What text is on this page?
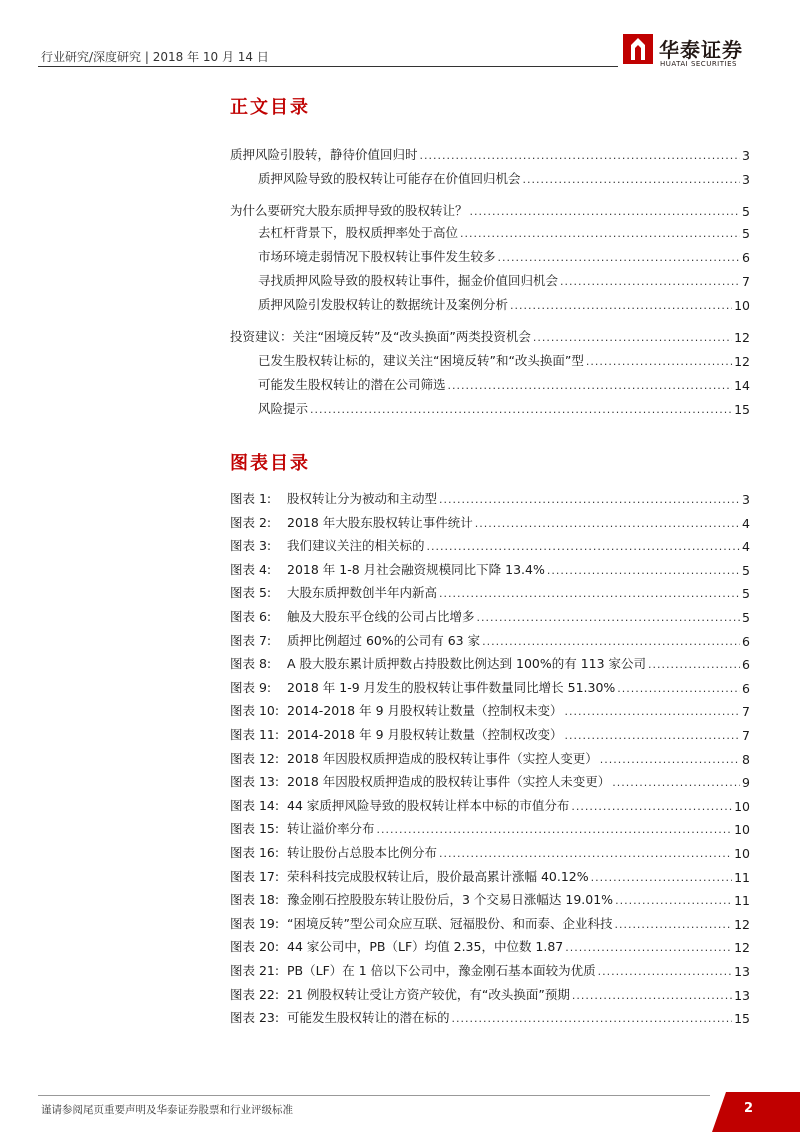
行业研究/深度研究 | 2018 年 10 月 14 日	华泰证券
HUATAI SECURITIES
正文目录
图表目录
质押风险引股转，静待价值回归时 .....	3
质押风险导致的股权转让可能存在价值回归机会 .....	3
为什么要研究大股东质押导致的股权转让？ .....	5
去杠杆背景下，股权质押率处于高位 .....	5
市场环境走弱情况下股权转让事件发生较多 .....	6
寻找质押风险导致的股权转让事件，掘金价值回归机会 .....	7
质押风险引发股权转让的数据统计及案例分析 .....	10
投资建议：关注“困境反转”及“改头换面”两类投资机会 .....	12
已发生股权转让标的，建议关注“困境反转”和“改头换面”型 .....	12
可能发生股权转让的潜在公司筛选 .....	14
风险提示 .....	15
图表 1: 股权转让分为被动和主动型 .....	3
图表 2: 2018 年大股东股权转让事件统计 .....	4
图表 3: 我们建议关注的相关标的 .....	4
图表 4: 2018 年 1-8 月社会融资规模同比下降 13.4% .....	5
图表 5: 大股东质押数创半年内新高 .....	5
图表 6: 触及大股东平仓线的公司占比增多 .....	5
图表 7: 质押比例超过 60%的公司有 63 家 .....	6
图表 8: A 股大股东累计质押数占持股数比例达到 100%的有 113 家公司 .....	6
图表 9: 2018 年 1-9 月发生的股权转让事件数量同比增长 51.30% .....	6
图表 10: 2014-2018 年 9 月股权转让数量（控制权未变） .....	7
图表 11: 2014-2018 年 9 月股权转让数量（控制权改变） .....	7
图表 12: 2018 年因股权质押造成的股权转让事件（实控人变更） .....	8
图表 13: 2018 年因股权质押造成的股权转让事件（实控人未变更） .....	9
图表 14: 44 家质押风险导致的股权转让样本中标的市值分布 .....	10
图表 15: 转让溢价率分布 .....	10
图表 16: 转让股份占总股本比例分布 .....	10
图表 17: 荣科科技完成股权转让后，股价最高累计涨幅 40.12% .....	11
图表 18: 豫金刚石控股股东转让股份后，3 个交易日涨幅达 19.01% .....	11
图表 19: “困境反转”型公司众应互联、冠福股份、和而泰、企业科技 .....	12
图表 20: 44 家公司中，PB（LF）均值 2.35，中位数 1.87 .....	12
图表 21: PB（LF）在 1 倍以下公司中，豫金刚石基本面较为优质 .....	13
图表 22: 21 例股权转让受让方资产较优，有“改头换面”预期 .....	13
图表 23: 可能发生股权转让的潜在标的 .....	15
谨请参阅尾页重要声明及华泰证券股票和行业评级标准	2
